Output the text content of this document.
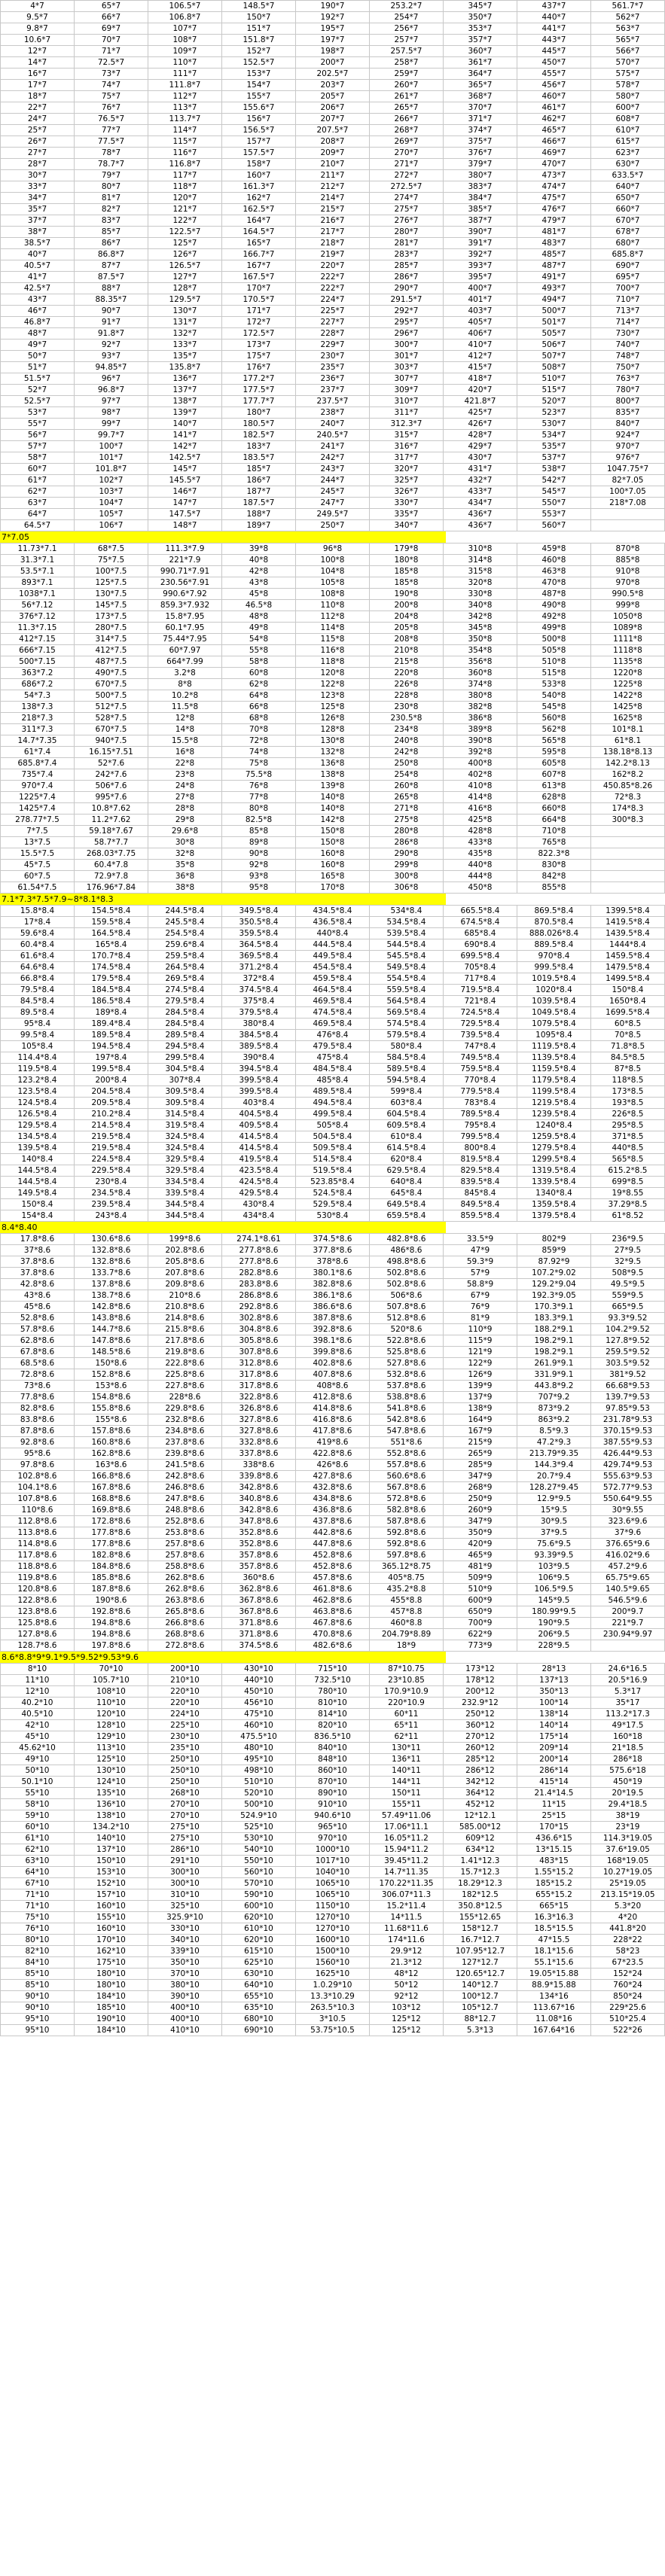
4*7	65*7	106.5*7	148.5*7	190*7	253.2*7	345*7	437*7	561.7*7
9.5*7	66*7	106.8*7	150*7	192*7	254*7	350*7	440*7	562*7
9.8*7	69*7	107*7	151*7	195*7	256*7	353*7	441*7	563*7
10.6*7	70*7	108*7	151.8*7	197*7	257*7	357*7	443*7	565*7
12*7	71*7	109*7	152*7	198*7	257.5*7	360*7	445*7	566*7
14*7	72.5*7	110*7	152.5*7	200*7	258*7	361*7	450*7	570*7
16*7	73*7	111*7	153*7	202.5*7	259*7	364*7	455*7	575*7
17*7	74*7	111.8*7	154*7	203*7	260*7	365*7	456*7	578*7
18*7	75*7	112*7	155*7	205*7	261*7	368*7	460*7	580*7
22*7	76*7	113*7	155.6*7	206*7	265*7	370*7	461*7	600*7
24*7	76.5*7	113.7*7	156*7	207*7	266*7	371*7	462*7	608*7
25*7	77*7	114*7	156.5*7	207.5*7	268*7	374*7	465*7	610*7
26*7	77.5*7	115*7	157*7	208*7	269*7	375*7	466*7	615*7
27*7	78*7	116*7	157.5*7	209*7	270*7	376*7	469*7	623*7
28*7	78.7*7	116.8*7	158*7	210*7	271*7	379*7	470*7	630*7
30*7	79*7	117*7	160*7	211*7	272*7	380*7	473*7	633.5*7
33*7	80*7	118*7	161.3*7	212*7	272.5*7	383*7	474*7	640*7
34*7	81*7	120*7	162*7	214*7	274*7	384*7	475*7	650*7
35*7	82*7	121*7	162.5*7	215*7	275*7	385*7	476*7	660*7
37*7	83*7	122*7	164*7	216*7	276*7	387*7	479*7	670*7
38*7	85*7	122.5*7	164.5*7	217*7	280*7	390*7	481*7	678*7
38.5*7	86*7	125*7	165*7	218*7	281*7	391*7	483*7	680*7
40*7	86.8*7	126*7	166.7*7	219*7	283*7	392*7	485*7	685.8*7
40.5*7	87*7	126.5*7	167*7	220*7	285*7	393*7	487*7	690*7
41*7	87.5*7	127*7	167.5*7	222*7	286*7	395*7	491*7	695*7
42.5*7	88*7	128*7	170*7	222*7	290*7	400*7	493*7	700*7
43*7	88.35*7	129.5*7	170.5*7	224*7	291.5*7	401*7	494*7	710*7
46*7	90*7	130*7	171*7	225*7	292*7	403*7	500*7	713*7
46.8*7	91*7	131*7	172*7	227*7	295*7	405*7	501*7	714*7
48*7	91.8*7	132*7	172.5*7	228*7	296*7	406*7	505*7	730*7
49*7	92*7	133*7	173*7	229*7	300*7	410*7	506*7	740*7
50*7	93*7	135*7	175*7	230*7	301*7	412*7	507*7	748*7
51*7	94.85*7	135.8*7	176*7	235*7	303*7	415*7	508*7	750*7
51.5*7	96*7	136*7	177.2*7	236*7	307*7	418*7	510*7	763*7
52*7	96.8*7	137*7	177.5*7	237*7	309*7	420*7	515*7	780*7
52.5*7	97*7	138*7	177.7*7	237.5*7	310*7	421.8*7	520*7	800*7
53*7	98*7	139*7	180*7	238*7	311*7	425*7	523*7	835*7
55*7	99*7	140*7	180.5*7	240*7	312.3*7	426*7	530*7	840*7
56*7	99.7*7	141*7	182.5*7	240.5*7	315*7	428*7	534*7	924*7
57*7	100*7	142*7	183*7	241*7	316*7	429*7	535*7	970*7
58*7	101*7	142.5*7	183.5*7	242*7	317*7	430*7	537*7	976*7
60*7	101.8*7	145*7	185*7	243*7	320*7	431*7	538*7	1047.75*7
61*7	102*7	145.5*7	186*7	244*7	325*7	432*7	542*7	82*7.05
62*7	103*7	146*7	187*7	245*7	326*7	433*7	545*7	100*7.05
63*7	104*7	147*7	187.5*7	247*7	330*7	434*7	550*7	218*7.08
64*7	105*7	147.5*7	188*7	249.5*7	335*7	436*7	553*7	
64.5*7	106*7	148*7	189*7	250*7	340*7	436*7	560*7	
7*7.05
11.73*7.1	68*7.5	111.3*7.9	39*8	96*8	179*8	310*8	459*8	870*8
31.3*7.1	75*7.5	221*7.9	40*8	100*8	180*8	314*8	460*8	885*8
53.5*7.1	100*7.5	990.71*7.91	42*8	104*8	185*8	315*8	463*8	910*8
893*7.1	125*7.5	230.56*7.91	43*8	105*8	185*8	320*8	470*8	970*8
1038*7.1	130*7.5	990.6*7.92	45*8	108*8	190*8	330*8	487*8	990.5*8
56*7.12	145*7.5	859.3*7.932	46.5*8	110*8	200*8	340*8	490*8	999*8
376*7.12	173*7.5	15.8*7.95	48*8	112*8	204*8	342*8	492*8	1050*8
11.3*7.15	280*7.5	60.1*7.95	49*8	114*8	205*8	345*8	499*8	1089*8
412*7.15	314*7.5	75.44*7.95	54*8	115*8	208*8	350*8	500*8	1111*8
666*7.15	412*7.5	60*7.97	55*8	116*8	210*8	354*8	505*8	1118*8
500*7.15	487*7.5	664*7.99	58*8	118*8	215*8	356*8	510*8	1135*8
363*7.2	490*7.5	3.2*8	60*8	120*8	220*8	360*8	515*8	1220*8
686*7.2	670*7.5	8*8	62*8	122*8	226*8	374*8	533*8	1225*8
54*7.3	500*7.5	10.2*8	64*8	123*8	228*8	380*8	540*8	1422*8
138*7.3	512*7.5	11.5*8	66*8	125*8	230*8	382*8	545*8	1425*8
218*7.3	528*7.5	12*8	68*8	126*8	230.5*8	386*8	560*8	1625*8
311*7.3	670*7.5	14*8	70*8	128*8	234*8	389*8	562*8	101*8.1
14.7*7.35	940*7.5	15.5*8	72*8	130*8	240*8	390*8	565*8	61*8.1
61*7.4	16.15*7.51	16*8	74*8	132*8	242*8	392*8	595*8	138.18*8.13
685.8*7.4	52*7.6	22*8	75*8	136*8	250*8	400*8	605*8	142.2*8.13
735*7.4	242*7.6	23*8	75.5*8	138*8	254*8	402*8	607*8	162*8.2
970*7.4	506*7.6	24*8	76*8	139*8	260*8	410*8	613*8	450.85*8.26
1225*7.4	995*7.6	27*8	77*8	140*8	265*8	414*8	628*8	72*8.3
1425*7.4	10.8*7.62	28*8	80*8	140*8	271*8	416*8	660*8	174*8.3
278.77*7.5	11.2*7.62	29*8	82.5*8	142*8	275*8	425*8	664*8	300*8.3
7*7.5	59.18*7.67	29.6*8	85*8	150*8	280*8	428*8	710*8	
13*7.5	58.7*7.7	30*8	89*8	150*8	286*8	433*8	765*8	
15.5*7.5	268.03*7.75	32*8	90*8	160*8	290*8	435*8	822.3*8	
45*7.5	60.4*7.8	35*8	92*8	160*8	299*8	440*8	830*8	
60*7.5	72.9*7.8	36*8	93*8	165*8	300*8	444*8	842*8	
61.54*7.5	176.96*7.84	38*8	95*8	170*8	306*8	450*8	855*8	
7.1*7.3*7.5*7.9~8*8.1*8.3
15.8*8.4	154.5*8.4	244.5*8.4	349.5*8.4	434.5*8.4	534*8.4	665.5*8.4	869.5*8.4	1399.5*8.4
17*8.4	159.5*8.4	245.5*8.4	350.5*8.4	436.5*8.4	534.5*8.4	674.5*8.4	870.5*8.4	1419.5*8.4
59.6*8.4	164.5*8.4	254.5*8.4	359.5*8.4	440*8.4	539.5*8.4	685*8.4	888.026*8.4	1439.5*8.4
60.4*8.4	165*8.4	259.6*8.4	364.5*8.4	444.5*8.4	544.5*8.4	690*8.4	889.5*8.4	1444*8.4
61.6*8.4	170.7*8.4	259.5*8.4	369.5*8.4	449.5*8.4	545.5*8.4	699.5*8.4	970*8.4	1459.5*8.4
64.6*8.4	174.5*8.4	264.5*8.4	371.2*8.4	454.5*8.4	549.5*8.4	705*8.4	999.5*8.4	1479.5*8.4
66.8*8.4	179.5*8.4	269.5*8.4	372*8.4	459.5*8.4	554.5*8.4	717*8.4	1019.5*8.4	1499.5*8.4
79.5*8.4	184.5*8.4	274.5*8.4	374.5*8.4	464.5*8.4	559.5*8.4	719.5*8.4	1020*8.4	150*8.4
84.5*8.4	186.5*8.4	279.5*8.4	375*8.4	469.5*8.4	564.5*8.4	721*8.4	1039.5*8.4	1650*8.4
89.5*8.4	189*8.4	284.5*8.4	379.5*8.4	474.5*8.4	569.5*8.4	724.5*8.4	1049.5*8.4	1699.5*8.4
95*8.4	189.4*8.4	284.5*8.4	380*8.4	469.5*8.4	574.5*8.4	729.5*8.4	1079.5*8.4	60*8.5
99.5*8.4	189.5*8.4	289.5*8.4	384.5*8.4	476*8.4	579.5*8.4	739.5*8.4	1095*8.4	70*8.5
105*8.4	194.5*8.4	294.5*8.4	389.5*8.4	479.5*8.4	580*8.4	747*8.4	1119.5*8.4	71.8*8.5
114.4*8.4	197*8.4	299.5*8.4	390*8.4	475*8.4	584.5*8.4	749.5*8.4	1139.5*8.4	84.5*8.5
119.5*8.4	199.5*8.4	304.5*8.4	394.5*8.4	484.5*8.4	589.5*8.4	759.5*8.4	1159.5*8.4	87*8.5
123.2*8.4	200*8.4	307*8.4	399.5*8.4	485*8.4	594.5*8.4	770*8.4	1179.5*8.4	118*8.5
123.5*8.4	204.5*8.4	309.5*8.4	399.5*8.4	489.5*8.4	599*8.4	779.5*8.4	1199.5*8.4	173*8.5
124.5*8.4	209.5*8.4	309.5*8.4	403*8.4	494.5*8.4	603*8.4	783*8.4	1219.5*8.4	193*8.5
126.5*8.4	210.2*8.4	314.5*8.4	404.5*8.4	499.5*8.4	604.5*8.4	789.5*8.4	1239.5*8.4	226*8.5
129.5*8.4	214.5*8.4	319.5*8.4	409.5*8.4	505*8.4	609.5*8.4	795*8.4	1240*8.4	295*8.5
134.5*8.4	219.5*8.4	324.5*8.4	414.5*8.4	504.5*8.4	610*8.4	799.5*8.4	1259.5*8.4	371*8.5
139.5*8.4	219.5*8.4	324.5*8.4	414.5*8.4	509.5*8.4	614.5*8.4	800*8.4	1279.5*8.4	440*8.5
140*8.4	224.5*8.4	329.5*8.4	419.5*8.4	514.5*8.4	620*8.4	819.5*8.4	1299.5*8.4	565*8.5
144.5*8.4	229.5*8.4	329.5*8.4	423.5*8.4	519.5*8.4	629.5*8.4	829.5*8.4	1319.5*8.4	615.2*8.5
144.5*8.4	230*8.4	334.5*8.4	424.5*8.4	523.85*8.4	640*8.4	839.5*8.4	1339.5*8.4	699*8.5
149.5*8.4	234.5*8.4	339.5*8.4	429.5*8.4	524.5*8.4	645*8.4	845*8.4	1340*8.4	19*8.55
150*8.4	239.5*8.4	344.5*8.4	430*8.4	529.5*8.4	649.5*8.4	849.5*8.4	1359.5*8.4	37.29*8.5
154*8.4	243*8.4	344.5*8.4	434*8.4	530*8.4	659.5*8.4	859.5*8.4	1379.5*8.4	61*8.52
8.4*8.40
17.8*8.6	130.6*8.6	199*8.6	274.1*8.61	374.5*8.6	482.8*8.6	33.5*9	802*9	236*9.5
37*8.6	132.8*8.6	202.8*8.6	277.8*8.6	377.8*8.6	486*8.6	47*9	859*9	27*9.5
37.8*8.6	132.8*8.6	205.8*8.6	277.8*8.6	378*8.6	498.8*8.6	59.3*9	87.92*9	32*9.5
37.8*8.6	133.7*8.6	207.8*8.6	282.8*8.6	380.1*8.6	502.8*8.6	57*9	107.2*9.02	508*9.5
42.8*8.6	137.8*8.6	209.8*8.6	283.8*8.6	382.8*8.6	502.8*8.6	58.8*9	129.2*9.04	49.5*9.5
43*8.6	138.7*8.6	210*8.6	286.8*8.6	386.1*8.6	506*8.6	67*9	192.3*9.05	559*9.5
45*8.6	142.8*8.6	210.8*8.6	292.8*8.6	386.6*8.6	507.8*8.6	76*9	170.3*9.1	665*9.5
52.8*8.6	143.8*8.6	214.8*8.6	302.8*8.6	387.8*8.6	512.8*8.6	81*9	183.3*9.1	93.3*9.52
57.8*8.6	144.7*8.6	215.8*8.6	304.8*8.6	392.8*8.6	520*8.6	110*9	188.2*9.1	104.2*9.52
62.8*8.6	147.8*8.6	217.8*8.6	305.8*8.6	398.1*8.6	522.8*8.6	115*9	198.2*9.1	127.8*9.52
67.8*8.6	148.5*8.6	219.8*8.6	307.8*8.6	399.8*8.6	525.8*8.6	121*9	198.2*9.1	259.5*9.52
68.5*8.6	150*8.6	222.8*8.6	312.8*8.6	402.8*8.6	527.8*8.6	122*9	261.9*9.1	303.5*9.52
72.8*8.6	152.8*8.6	225.8*8.6	317.8*8.6	407.8*8.6	532.8*8.6	126*9	331.9*9.1	381*9.52
73*8.6	153*8.6	227.8*8.6	317.8*8.6	408*8.6	537.8*8.6	139*9	443.8*9.2	66.68*9.53
77.8*8.6	154.8*8.6	228*8.6	322.8*8.6	412.8*8.6	538.8*8.6	137*9	707*9.2	139.7*9.53
82.8*8.6	155.8*8.6	229.8*8.6	326.8*8.6	414.8*8.6	541.8*8.6	138*9	873*9.2	97.85*9.53
83.8*8.6	155*8.6	232.8*8.6	327.8*8.6	416.8*8.6	542.8*8.6	164*9	863*9.2	231.78*9.53
87.8*8.6	157.8*8.6	234.8*8.6	327.8*8.6	417.8*8.6	547.8*8.6	167*9	8.5*9.3	370.15*9.53
92.8*8.6	160.8*8.6	237.8*8.6	332.8*8.6	419*8.6	551*8.6	215*9	47.2*9.3	387.55*9.53
95*8.6	162.8*8.6	239.8*8.6	337.8*8.6	422.8*8.6	552.8*8.6	265*9	213.79*9.35	426.44*9.53
97.8*8.6	163*8.6	241.5*8.6	338*8.6	426*8.6	557.8*8.6	285*9	144.3*9.4	429.74*9.53
102.8*8.6	166.8*8.6	242.8*8.6	339.8*8.6	427.8*8.6	560.6*8.6	347*9	20.7*9.4	555.63*9.53
104.1*8.6	167.8*8.6	246.8*8.6	342.8*8.6	432.8*8.6	567.8*8.6	268*9	128.27*9.45	572.77*9.53
107.8*8.6	168.8*8.6	247.8*8.6	340.8*8.6	434.8*8.6	572.8*8.6	250*9	12.9*9.5	550.64*9.55
110*8.6	169.8*8.6	248.8*8.6	342.8*8.6	436.8*8.6	582.8*8.6	260*9	15*9.5	30*9.55
112.8*8.6	172.8*8.6	252.8*8.6	347.8*8.6	437.8*8.6	587.8*8.6	347*9	30*9.5	323.6*9.6
113.8*8.6	177.8*8.6	253.8*8.6	352.8*8.6	442.8*8.6	592.8*8.6	350*9	37*9.5	37*9.6
114.8*8.6	177.8*8.6	257.8*8.6	352.8*8.6	447.8*8.6	592.8*8.6	420*9	75.6*9.5	376.65*9.6
117.8*8.6	182.8*8.6	257.8*8.6	357.8*8.6	452.8*8.6	597.8*8.6	465*9	93.39*9.5	416.02*9.6
118.8*8.6	184.8*8.6	258.8*8.6	357.8*8.6	452.8*8.6	365.12*8.75	481*9	103*9.5	457.2*9.6
119.8*8.6	185.8*8.6	262.8*8.6	360*8.6	457.8*8.6	405*8.75	509*9	106*9.5	65.75*9.65
120.8*8.6	187.8*8.6	262.8*8.6	362.8*8.6	461.8*8.6	435.2*8.8	510*9	106.5*9.5	140.5*9.65
122.8*8.6	190*8.6	263.8*8.6	367.8*8.6	462.8*8.6	455*8.8	600*9	145*9.5	546.5*9.6
123.8*8.6	192.8*8.6	265.8*8.6	367.8*8.6	463.8*8.6	457*8.8	650*9	180.99*9.5	200*9.7
125.8*8.6	194.8*8.6	266.8*8.6	371.8*8.6	467.8*8.6	460*8.8	700*9	190*9.5	221*9.7
127.8*8.6	194.8*8.6	268.8*8.6	371.8*8.6	470.8*8.6	204.79*8.89	622*9	206*9.5	230.94*9.97
128.7*8.6	197.8*8.6	272.8*8.6	374.5*8.6	482.6*8.6	18*9	773*9	228*9.5	
8.6*8.8*9*9.1*9.5*9.52*9.53*9.6
8*10	70*10	200*10	430*10	715*10	87*10.75	173*12	28*13	24.6*16.5
11*10	105.7*10	210*10	440*10	732.5*10	23*10.85	178*12	137*13	20.5*16.9
12*10	108*10	220*10	450*10	780*10	170.9*10.9	200*12	350*13	5.3*17
40.2*10	110*10	220*10	456*10	810*10	220*10.9	232.9*12	100*14	35*17
40.5*10	120*10	224*10	475*10	814*10	60*11	250*12	138*14	113.2*17.3
42*10	128*10	225*10	460*10	820*10	65*11	360*12	140*14	49*17.5
45*10	129*10	230*10	475.5*10	836.5*10	62*11	270*12	175*14	160*18
45.62*10	113*10	235*10	480*10	840*10	130*11	260*12	209*14	21*18.5
49*10	125*10	250*10	495*10	848*10	136*11	285*12	200*14	286*18
50*10	130*10	250*10	498*10	860*10	140*11	286*12	286*14	575.6*18
50.1*10	124*10	250*10	510*10	870*10	144*11	342*12	415*14	450*19
55*10	135*10	268*10	520*10	890*10	150*11	364*12	21.4*14.5	20*19.5
58*10	136*10	270*10	500*10	910*10	155*11	452*12	11*15	29.4*18.5
59*10	138*10	270*10	524.9*10	940.6*10	57.49*11.06	12*12.1	25*15	38*19
60*10	134.2*10	275*10	525*10	965*10	17.06*11.1	585.00*12	170*15	23*19
61*10	140*10	275*10	530*10	970*10	16.05*11.2	609*12	436.6*15	114.3*19.05
62*10	137*10	286*10	540*10	1000*10	15.94*11.2	634*12	13*15.15	37.6*19.05
63*10	150*10	291*10	550*10	1017*10	39.45*11.2	1.41*12.3	483*15	168*19.05
64*10	153*10	300*10	560*10	1040*10	14.7*11.35	15.7*12.3	1.55*15.2	10.27*19.05
67*10	152*10	300*10	570*10	1065*10	170.22*11.35	18.29*12.3	185*15.2	25*19.05
71*10	157*10	310*10	590*10	1065*10	306.07*11.3	182*12.5	655*15.2	213.15*19.05
71*10	160*10	325*10	600*10	1150*10	15.2*11.4	350.8*12.5	665*15	5.3*20
75*10	155*10	325.9*10	620*10	1270*10	14*11.5	155*12.65	16.3*16.3	4*20
76*10	160*10	330*10	610*10	1270*10	11.68*11.6	158*12.7	18.5*15.5	441.8*20
80*10	170*10	340*10	620*10	1600*10	174*11.6	16.7*12.7	47*15.5	228*22
82*10	162*10	339*10	615*10	1500*10	29.9*12	107.95*12.7	18.1*15.6	58*23
84*10	175*10	350*10	625*10	1560*10	21.3*12	127*12.7	55.1*15.6	67*23.5
85*10	180*10	370*10	630*10	1625*10	48*12	120.65*12.7	19.05*15.88	152*24
85*10	180*10	380*10	640*10	1.0.29*10	50*12	140*12.7	88.9*15.88	760*24
90*10	184*10	390*10	655*10	13.3*10.29	92*12	100*12.7	134*16	850*24
90*10	185*10	400*10	635*10	263.5*10.3	103*12	105*12.7	113.67*16	229*25.6
95*10	190*10	400*10	680*10	3*10.5	125*12	88*12.7	11.08*16	510*25.4
95*10	184*10	410*10	690*10	53.75*10.5	125*12	5.3*13	167.64*16	522*26
